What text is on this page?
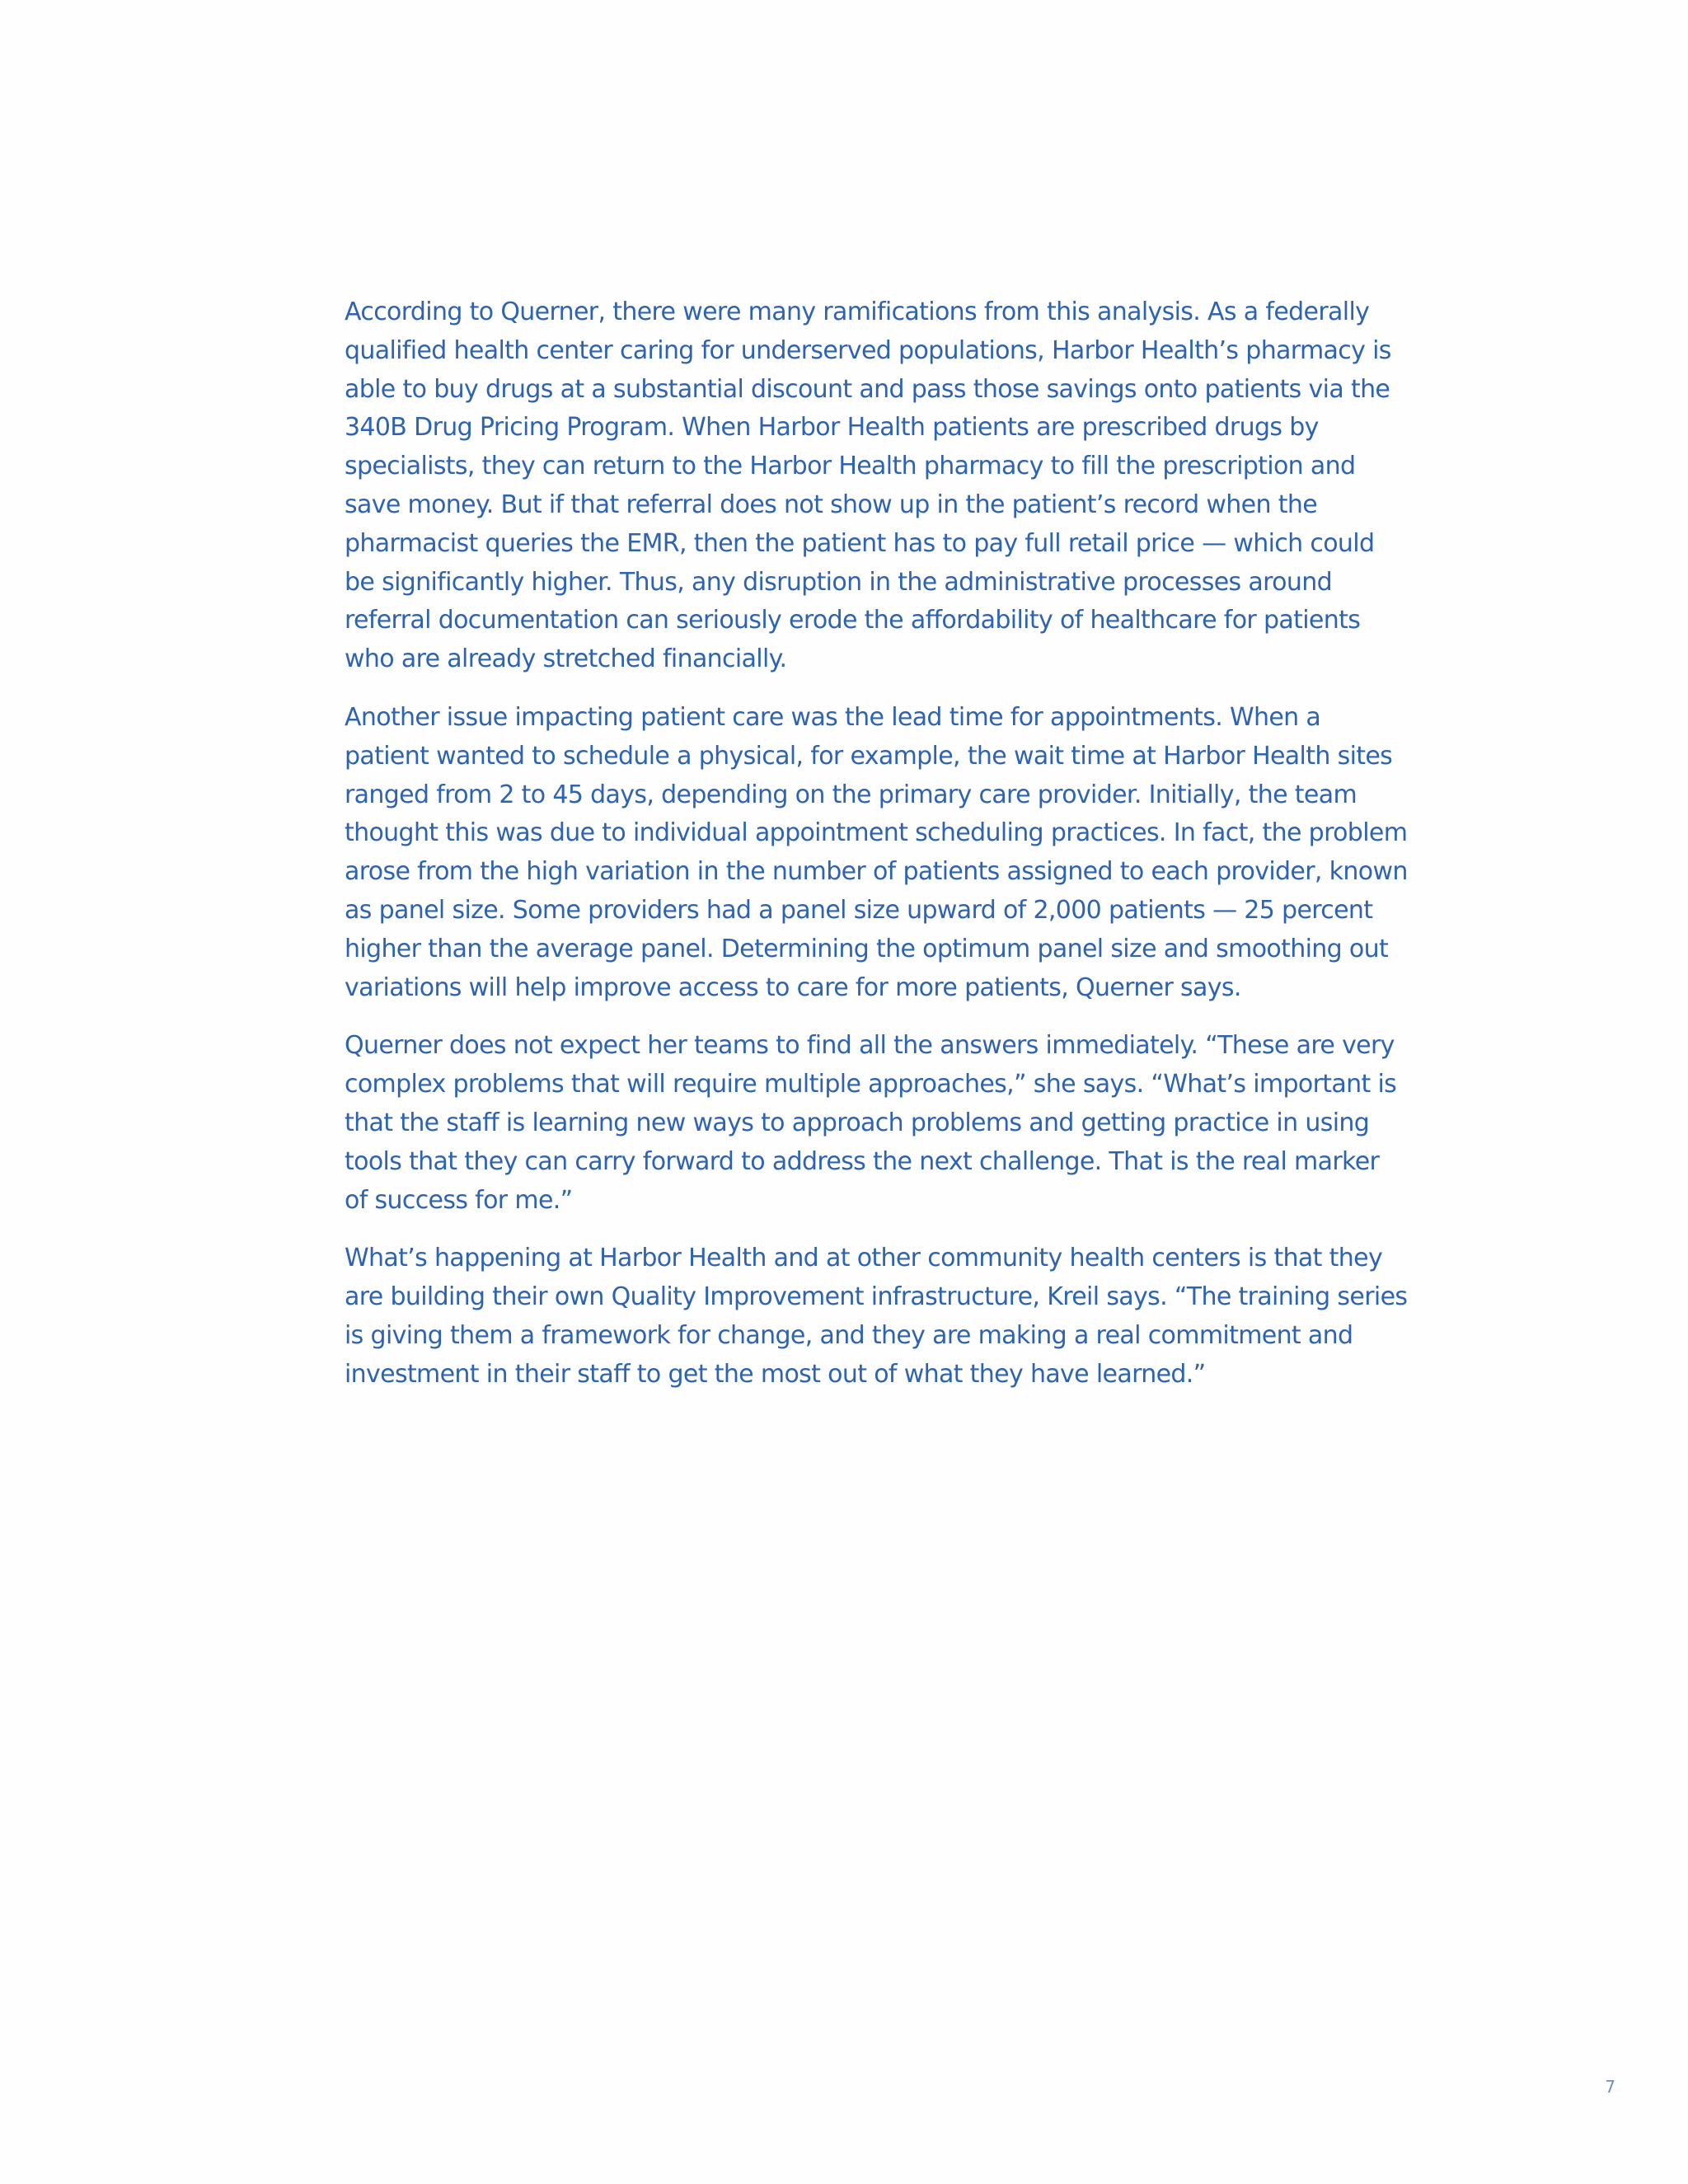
According to Querner, there were many ramifications from this analysis. As a federally qualified health center caring for underserved populations, Harbor Health’s pharmacy is able to buy drugs at a substantial discount and pass those savings onto patients via the 340B Drug Pricing Program. When Harbor Health patients are prescribed drugs by specialists, they can return to the Harbor Health pharmacy to fill the prescription and save money. But if that referral does not show up in the patient’s record when the pharmacist queries the EMR, then the patient has to pay full retail price — which could be significantly higher. Thus, any disruption in the administrative processes around referral documentation can seriously erode the affordability of healthcare for patients who are already stretched financially.

Another issue impacting patient care was the lead time for appointments. When a patient wanted to schedule a physical, for example, the wait time at Harbor Health sites ranged from 2 to 45 days, depending on the primary care provider. Initially, the team thought this was due to individual appointment scheduling practices. In fact, the problem arose from the high variation in the number of patients assigned to each provider, known as panel size. Some providers had a panel size upward of 2,000 patients — 25 percent higher than the average panel. Determining the optimum panel size and smoothing out variations will help improve access to care for more patients, Querner says.

Querner does not expect her teams to find all the answers immediately. “These are very complex problems that will require multiple approaches,” she says. “What’s important is that the staff is learning new ways to approach problems and getting practice in using tools that they can carry forward to address the next challenge. That is the real marker of success for me.”

What’s happening at Harbor Health and at other community health centers is that they are building their own Quality Improvement infrastructure, Kreil says. “The training series is giving them a framework for change, and they are making a real commitment and investment in their staff to get the most out of what they have learned.”

7
